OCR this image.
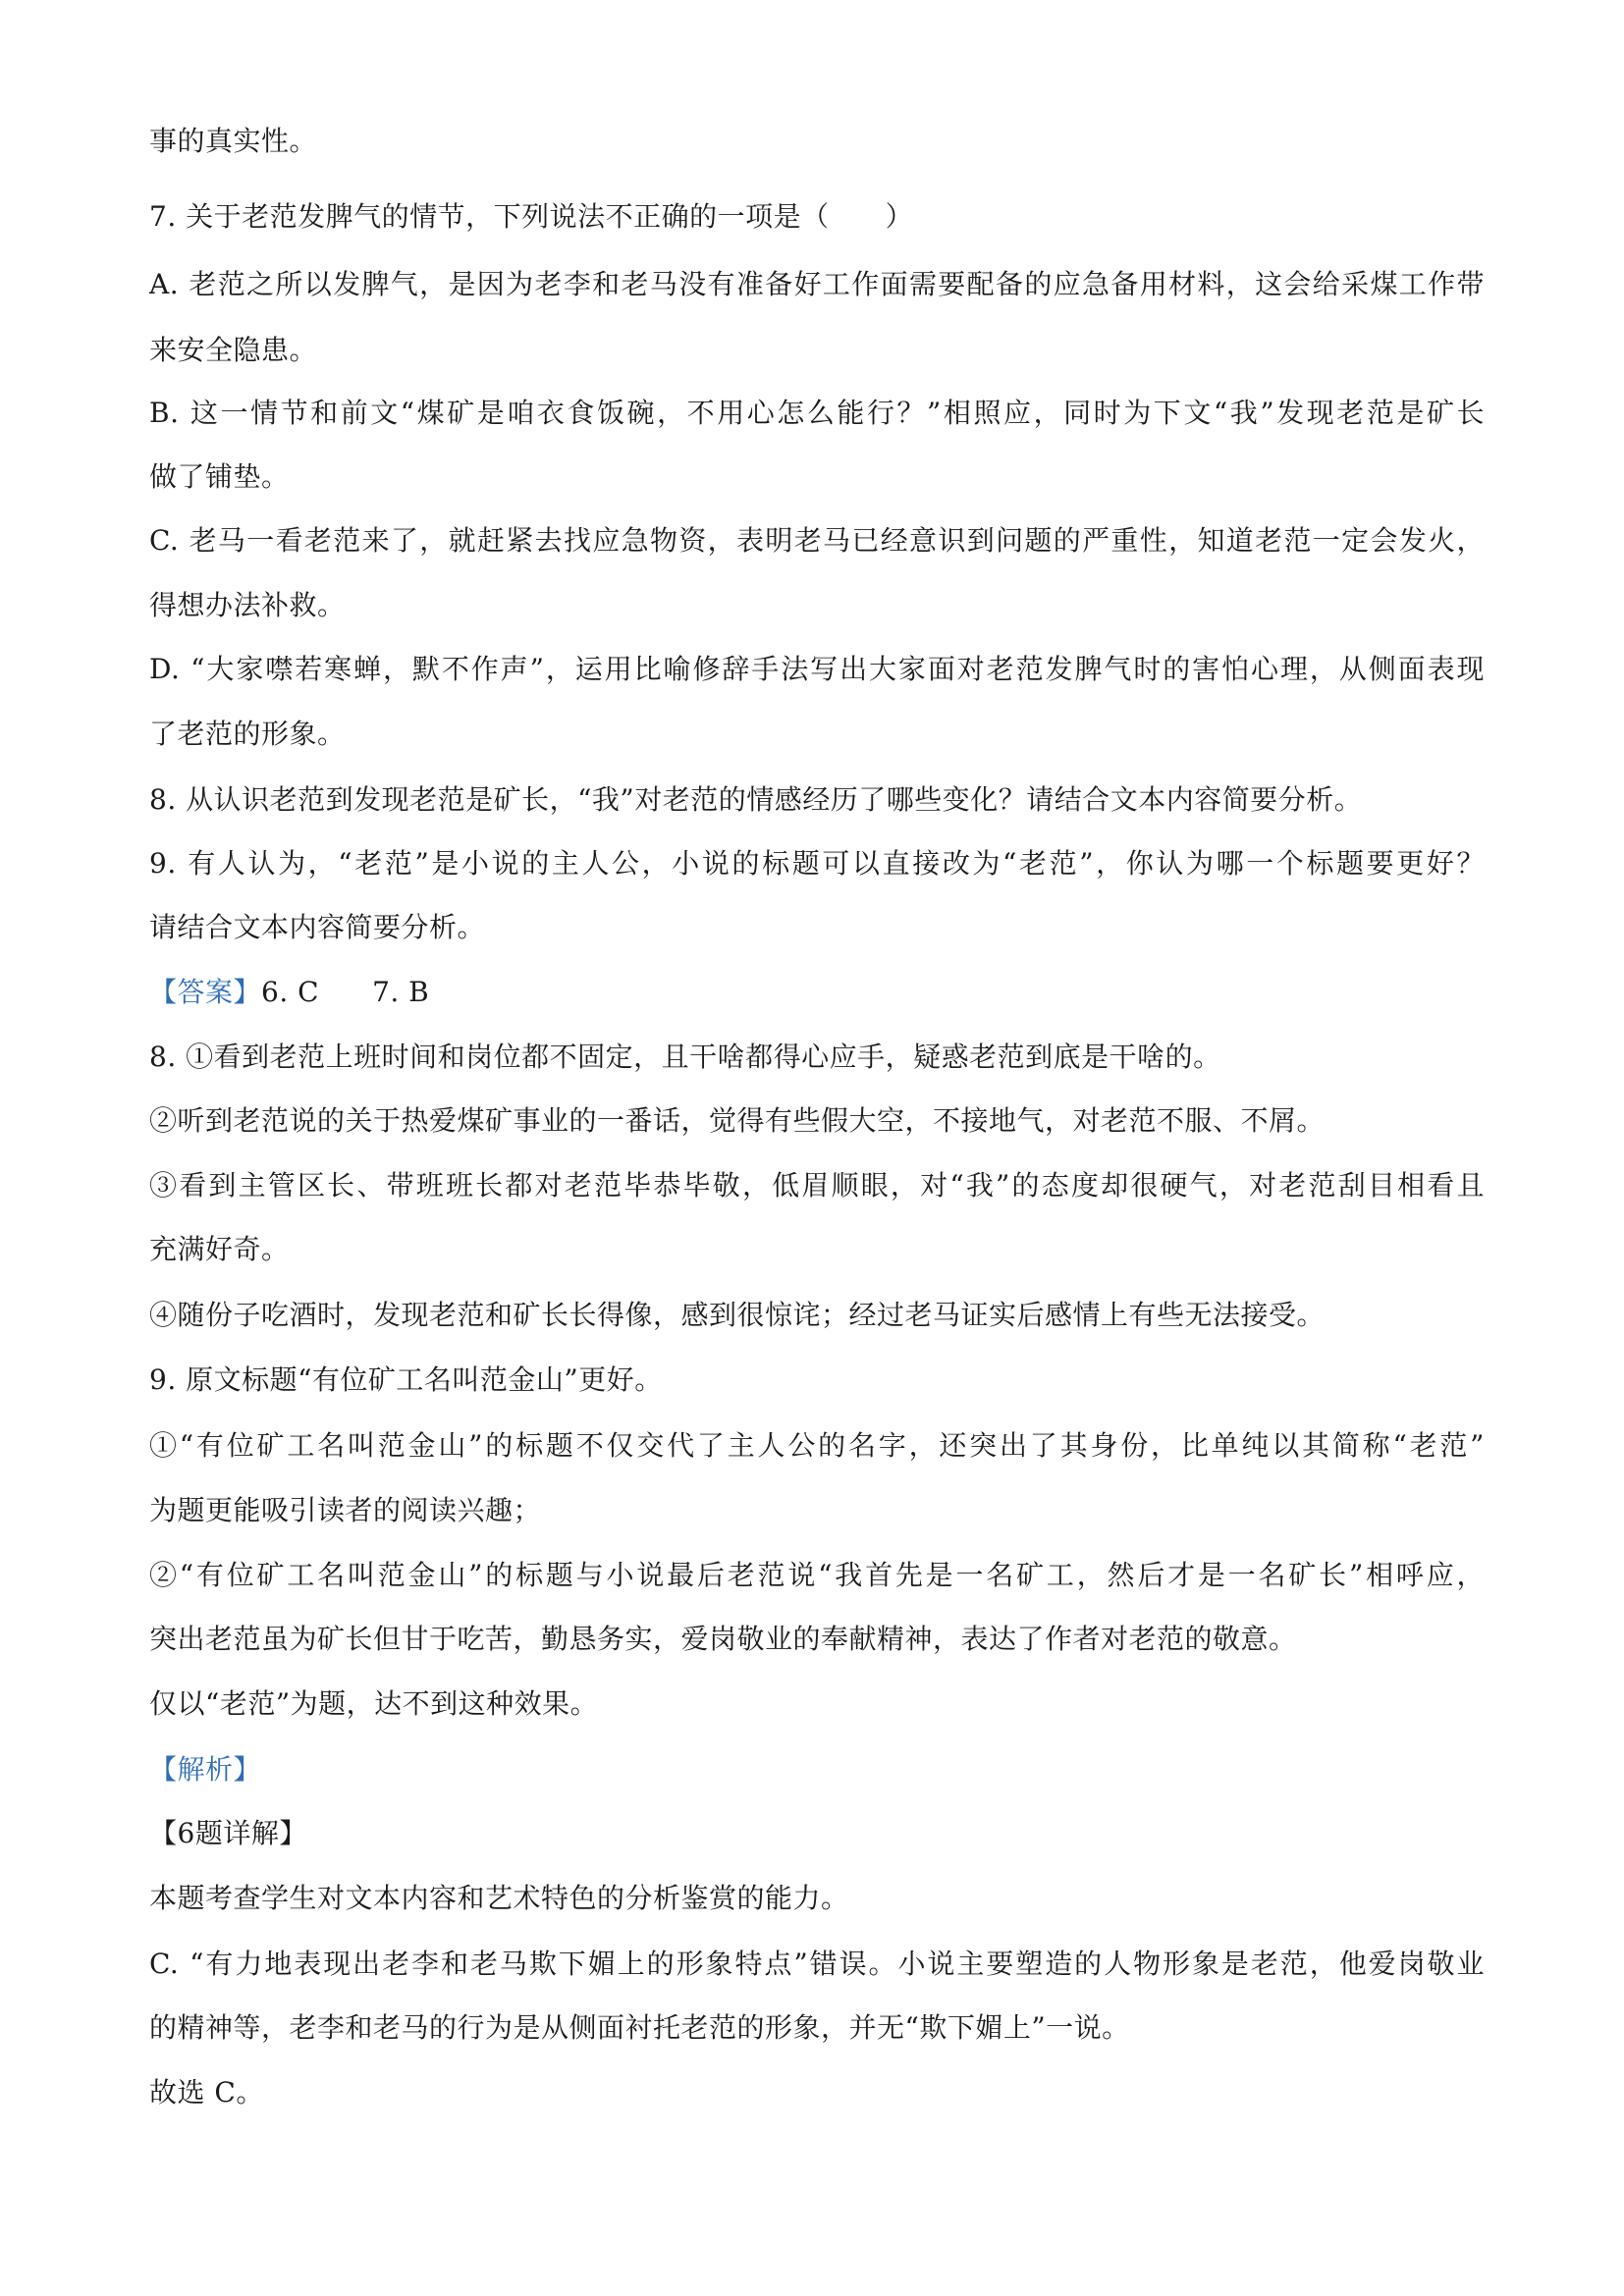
事的真实性。
7. 关于老范发脾气的情节，下列说法不正确的一项是（　　）
A. 老范之所以发脾气，是因为老李和老马没有准备好工作面需要配备的应急备用材料，这会给采煤工作带
来安全隐患。
B. 这一情节和前文“煤矿是咱衣食饭碗，不用心怎么能行？”相照应，同时为下文“我”发现老范是矿长
做了铺垫。
C. 老马一看老范来了，就赶紧去找应急物资，表明老马已经意识到问题的严重性，知道老范一定会发火，
得想办法补救。
D. “大家噤若寒蝉，默不作声”，运用比喻修辞手法写出大家面对老范发脾气时的害怕心理，从侧面表现
了老范的形象。
8. 从认识老范到发现老范是矿长，“我”对老范的情感经历了哪些变化？请结合文本内容简要分析。
9. 有人认为，“老范”是小说的主人公，小说的标题可以直接改为“老范”，你认为哪一个标题要更好？
请结合文本内容简要分析。
【答案】6. C 7. B
8. ①看到老范上班时间和岗位都不固定，且干啥都得心应手，疑惑老范到底是干啥的。
②听到老范说的关于热爱煤矿事业的一番话，觉得有些假大空，不接地气，对老范不服、不屑。
③看到主管区长、带班班长都对老范毕恭毕敬，低眉顺眼，对“我”的态度却很硬气，对老范刮目相看且
充满好奇。
④随份子吃酒时，发现老范和矿长长得像，感到很惊诧；经过老马证实后感情上有些无法接受。
9. 原文标题“有位矿工名叫范金山”更好。
①“有位矿工名叫范金山”的标题不仅交代了主人公的名字，还突出了其身份，比单纯以其简称“老范”
为题更能吸引读者的阅读兴趣；
②“有位矿工名叫范金山”的标题与小说最后老范说“我首先是一名矿工，然后才是一名矿长”相呼应，
突出老范虽为矿长但甘于吃苦，勤恳务实，爱岗敬业的奉献精神，表达了作者对老范的敬意。
仅以“老范”为题，达不到这种效果。
【解析】
【6题详解】
本题考查学生对文本内容和艺术特色的分析鉴赏的能力。
C. “有力地表现出老李和老马欺下媚上的形象特点”错误。小说主要塑造的人物形象是老范，他爱岗敬业
的精神等，老李和老马的行为是从侧面衬托老范的形象，并无“欺下媚上”一说。
故选 C。
